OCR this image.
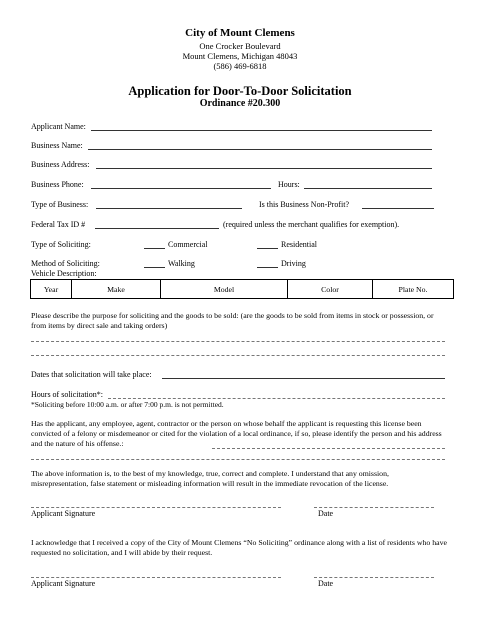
City of Mount Clemens
One Crocker Boulevard
Mount Clemens, Michigan 48043
(586) 469-6818
Application for Door-To-Door Solicitation
Ordinance #20.300
Applicant Name:
Business Name:
Business Address:
Business Phone:	Hours:
Type of Business:	Is this Business Non-Profit?
Federal Tax ID #	(required unless the merchant qualifies for exemption).
Type of Soliciting:	Commercial	Residential
Method of Soliciting:	Walking	Driving
Vehicle Description:
Year	Make	Model	Color	Plate No.
Please describe the purpose for soliciting and the goods to be sold: (are the goods to be sold from items in stock or possession, or from items by direct sale and taking orders)
Dates that solicitation will take place:
Hours of solicitation*:
*Soliciting before 10:00 a.m. or after 7:00 p.m. is not permitted.
Has the applicant, any employee, agent, contractor or the person on whose behalf the applicant is requesting this license been convicted of a felony or misdemeanor or cited for the violation of a local ordinance, if so, please identify the person and his address and the nature of his offense.:
The above information is, to the best of my knowledge, true, correct and complete. I understand that any omission, misrepresentation, false statement or misleading information will result in the immediate revocation of the license.
Applicant Signature	Date
I acknowledge that I received a copy of the City of Mount Clemens “No Soliciting” ordinance along with a list of residents who have requested no solicitation, and I will abide by their request.
Applicant Signature	Date
